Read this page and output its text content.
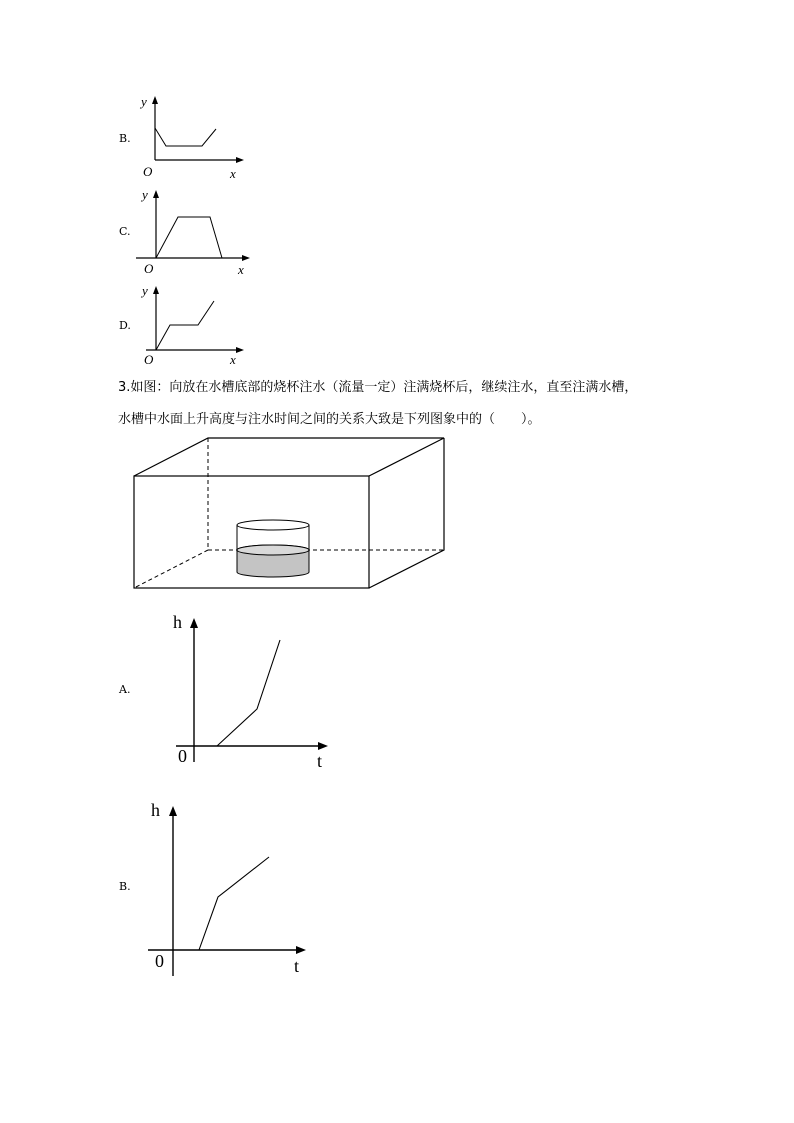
B.
y
O	x
C.
y
O	x
D.
y
O	x
3.如图：向放在水槽底部的烧杯注水（流量一定）注满烧杯后，继续注水，直至注满水槽，
水槽中水面上升高度与注水时间之间的关系大致是下列图象中的（　　）。
A.
h
0	t
B.
h
0	t
